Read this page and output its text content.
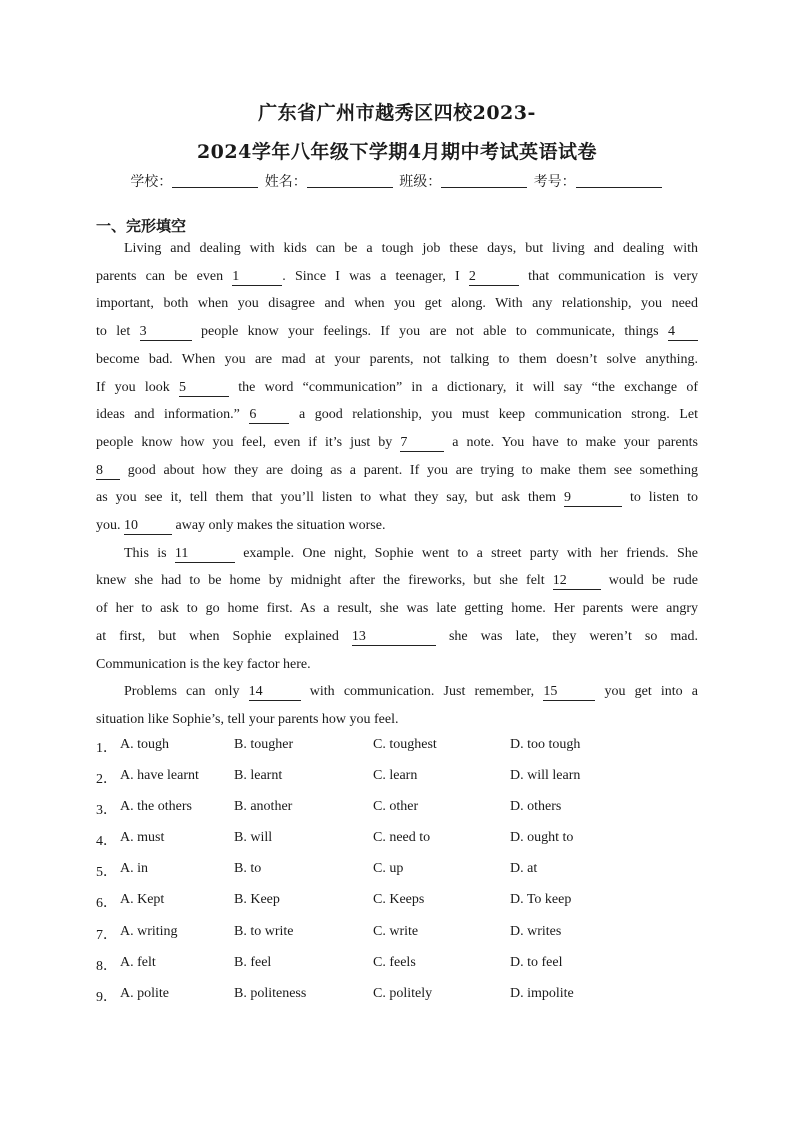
广东省广州市越秀区四校2023-
2024学年八年级下学期4月期中考试英语试卷
学校：	姓名：	班级：	考号：
一、完形填空

Living and dealing with kids can be a tough job these days, but living and dealing with
parents can be even 1	. Since I was a teenager, I 2	that communication is very
important, both when you disagree and when you get along. With any relationship, you need
to let 3	people know your feelings. If you are not able to communicate, things 4
become bad. When you are mad at your parents, not talking to them doesn’t solve anything.
If you look 5	the word “communication” in a dictionary, it will say “the exchange of
ideas and information.” 6 a good relationship, you must keep communication strong. Let
people know how you feel, even if it’s just by 7	a note. You have to make your parents
8 good about how they are doing as a parent. If you are trying to make them see something
as you see it, tell them that you’ll listen to what they say, but ask them 9	to listen to
you. 10 away only makes the situation worse.

This is 11	example. One night, Sophie went to a street party with her friends. She
knew she had to be home by midnight after the fireworks, but she felt 12 would be rude
of her to ask to go home first. As a result, she was late getting home. Her parents were angry
at first, but when Sophie explained 13	she was late, they weren’t so mad.
Communication is the key factor here.

Problems can only 14	with communication. Just remember, 15	you get into a
situation like Sophie’s, tell your parents how you feel.

1． A. tough	B. tougher	C. toughest	D. too tough
2． A. have learnt	B. learnt	C. learn	D. will learn
3． A. the others	B. another	C. other	D. others
4． A. must	B. will	C. need to	D. ought to
5． A. in	B. to	C. up	D. at
6． A. Kept	B. Keep	C. Keeps	D. To keep
7． A. writing	B. to write	C. write	D. writes
8． A. felt	B. feel	C. feels	D. to feel
9． A. polite	B. politeness	C. politely	D. impolite
